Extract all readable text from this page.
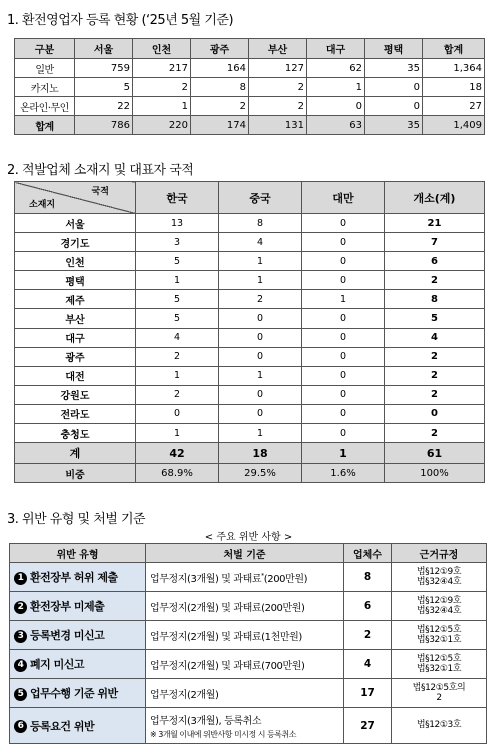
1. 환전영업자 등록 현황 (‘25년 5월 기준)
구분	서울	인천	광주	부산	대구	평택	합계
일반	759	217	164	127	62	35	1,364
카지노	5	2	8	2	1	0	18
온라인·무인	22	1	2	2	0	0	27
합계	786	220	174	131	63	35	1,409
2. 적발업체 소재지 및 대표자 국적
국적
소재지	한국	중국	대만	개소(계)
서울	13	8	0	21
경기도	3	4	0	7
인천	5	1	0	6
평택	1	1	0	2
제주	5	2	1	8
부산	5	0	0	5
대구	4	0	0	4
광주	2	0	0	2
대전	1	1	0	2
강원도	2	0	0	2
전라도	0	0	0	0
충청도	1	1	0	2
계	42	18	1	61
비중	68.9%	29.5%	1.6%	100%
3. 위반 유형 및 처벌 기준
< 주요 위반 사항 >
위반 유형	처벌 기준	업체수	근거규정
1 환전장부 허위 제출	업무정지(3개월) 및 과태료*(200만원)	8	법§12①9호
법§32④4호

2 환전장부 미제출	업무정지(2개월) 및 과태료(200만원)	6	법§12①9호
법§32④4호

3 등록변경 미신고	업무정지(2개월) 및 과태료(1천만원)	2	법§12①5호
법§32①1호

4 폐지 미신고	업무정지(2개월) 및 과태료(700만원)	4	법§12①5호
법§32①1호

5 업무수행 기준 위반	업무정지(2개월)	17	법§12①5호의
2

6 등록요건 위반	업무정지(3개월), 등록취소
※ 3개월 이내에 위반사항 미시정 시 등록취소	27	법§12①3호
